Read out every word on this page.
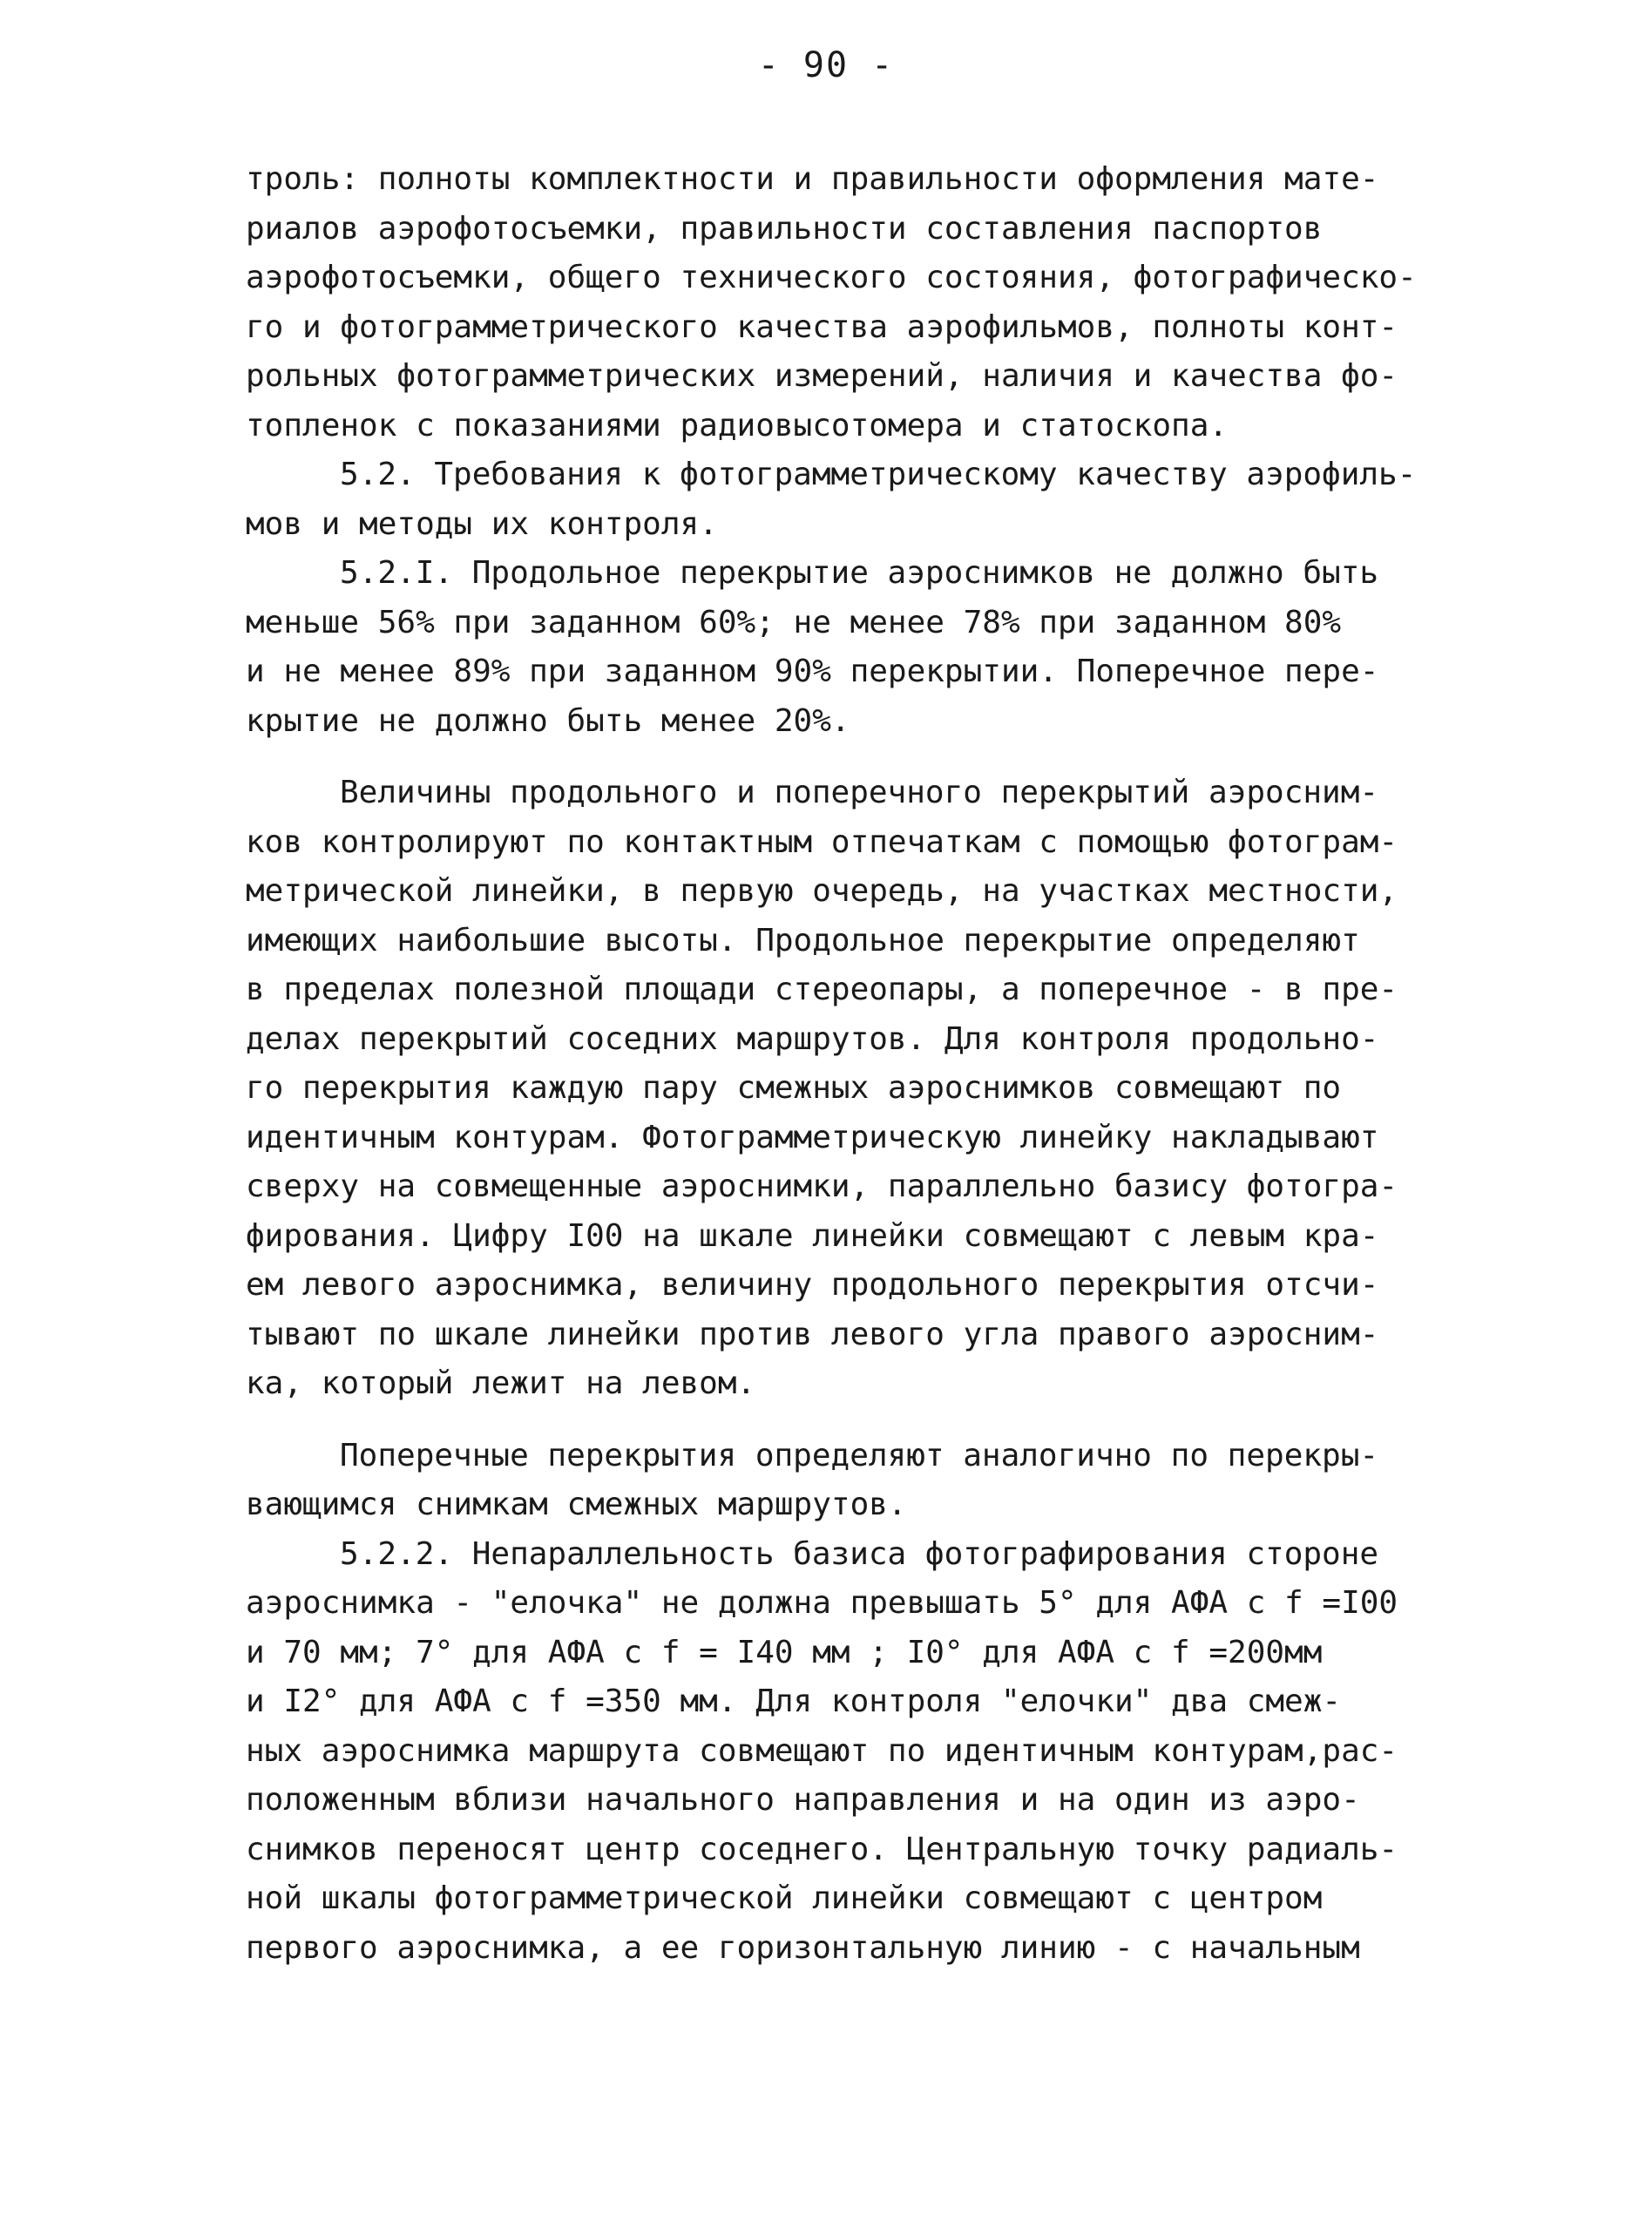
- 90 -
троль: полноты комплектности и правильности оформления мате-
риалов аэрофотосъемки, правильности составления паспортов
аэрофотосъемки, общего технического состояния, фотографическо-
го и фотограмметрического качества аэрофильмов, полноты конт-
рольных фотограмметрических измерений, наличия и качества фо-
топленок с показаниями радиовысотомера и статоскопа.
5.2. Требования к фотограмметрическому качеству аэрофиль-
мов и методы их контроля.
5.2.I. Продольное перекрытие аэроснимков не должно быть
меньше 56% при заданном 60%; не менее 78% при заданном 80%
и не менее 89% при заданном 90% перекрытии. Поперечное пере-
крытие не должно быть менее 20%.
Величины продольного и поперечного перекрытий аэросним-
ков контролируют по контактным отпечаткам с помощью фотограм-
метрической линейки, в первую очередь, на участках местности,
имеющих наибольшие высоты. Продольное перекрытие определяют
в пределах полезной площади стереопары, а поперечное - в пре-
делах перекрытий соседних маршрутов. Для контроля продольно-
го перекрытия каждую пару смежных аэроснимков совмещают по
идентичным контурам. Фотограмметрическую линейку накладывают
сверху на совмещенные аэроснимки, параллельно базису фотогра-
фирования. Цифру I00 на шкале линейки совмещают с левым кра-
ем левого аэроснимка, величину продольного перекрытия отсчи-
тывают по шкале линейки против левого угла правого аэросним-
ка, который лежит на левом.
Поперечные перекрытия определяют аналогично по перекры-
вающимся снимкам смежных маршрутов.
5.2.2. Непараллельность базиса фотографирования стороне
аэроснимка - "елочка" не должна превышать 5° для АФА с f =I00
и 70 мм; 7° для АФА с f = I40 мм ; I0° для АФА с f =200мм
и I2° для АФА с f =350 мм. Для контроля "елочки" два смеж-
ных аэроснимка маршрута совмещают по идентичным контурам,рас-
положенным вблизи начального направления и на один из аэро-
снимков переносят центр соседнего. Центральную точку радиаль-
ной шкалы фотограмметрической линейки совмещают с центром
первого аэроснимка, а ее горизонтальную линию - с начальным
